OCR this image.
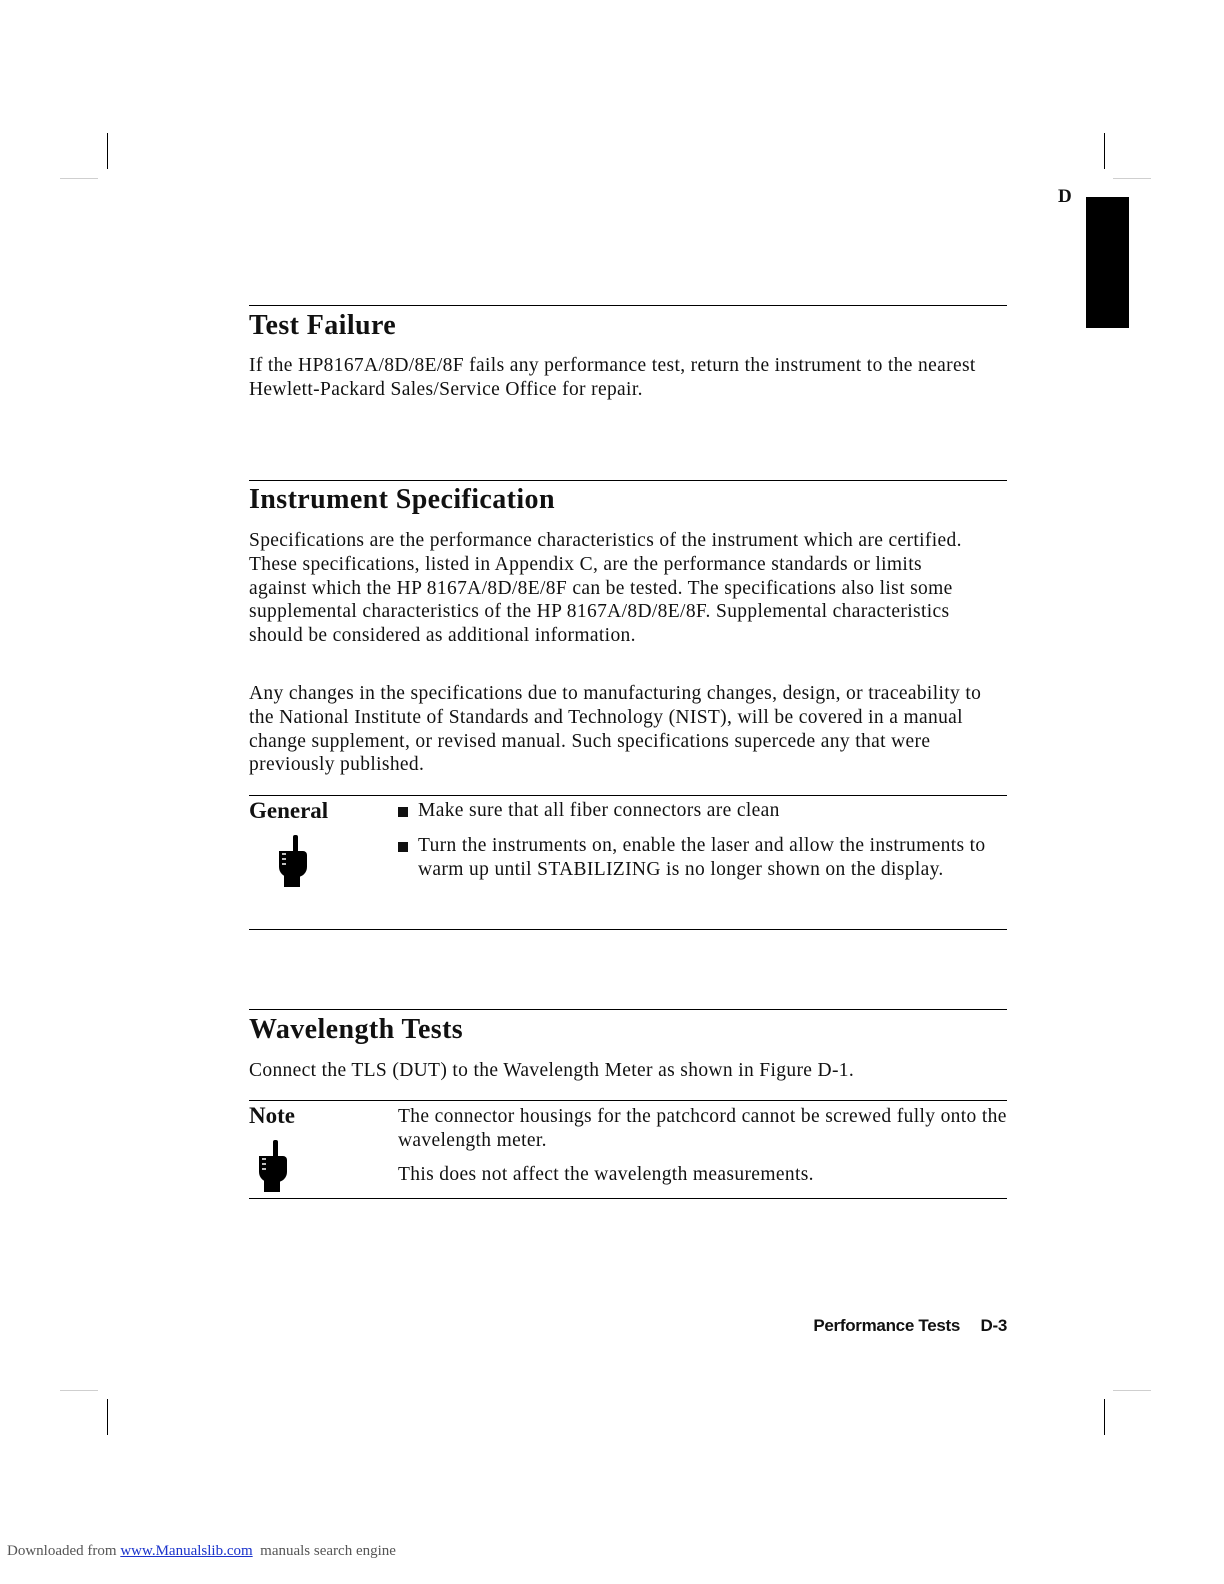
D
Test Failure

If the HP8167A/8D/8E/8F fails any performance test, return the instrument to the nearest Hewlett-Packard Sales/Service Office for repair.

Instrument Specification

Specifications are the performance characteristics of the instrument which are certified. These specifications, listed in Appendix C, are the performance standards or limits against which the HP 8167A/8D/8E/8F can be tested. The specifications also list some supplemental characteristics of the HP 8167A/8D/8E/8F. Supplemental characteristics should be considered as additional information.

Any changes in the specifications due to manufacturing changes, design, or traceability to the National Institute of Standards and Technology (NIST), will be covered in a manual change supplement, or revised manual. Such specifications supercede any that were previously published.

General	Make sure that all fiber connectors are clean
Turn the instruments on, enable the laser and allow the instruments to warm up until STABILIZING is no longer shown on the display.
Wavelength Tests

Connect the TLS (DUT) to the Wavelength Meter as shown in Figure D-1.

Note	The connector housings for the patchcord cannot be screwed fully onto the wavelength meter.

This does not affect the wavelength measurements.

Performance Tests D-3
Downloaded from www.Manualslib.com  manuals search engine
